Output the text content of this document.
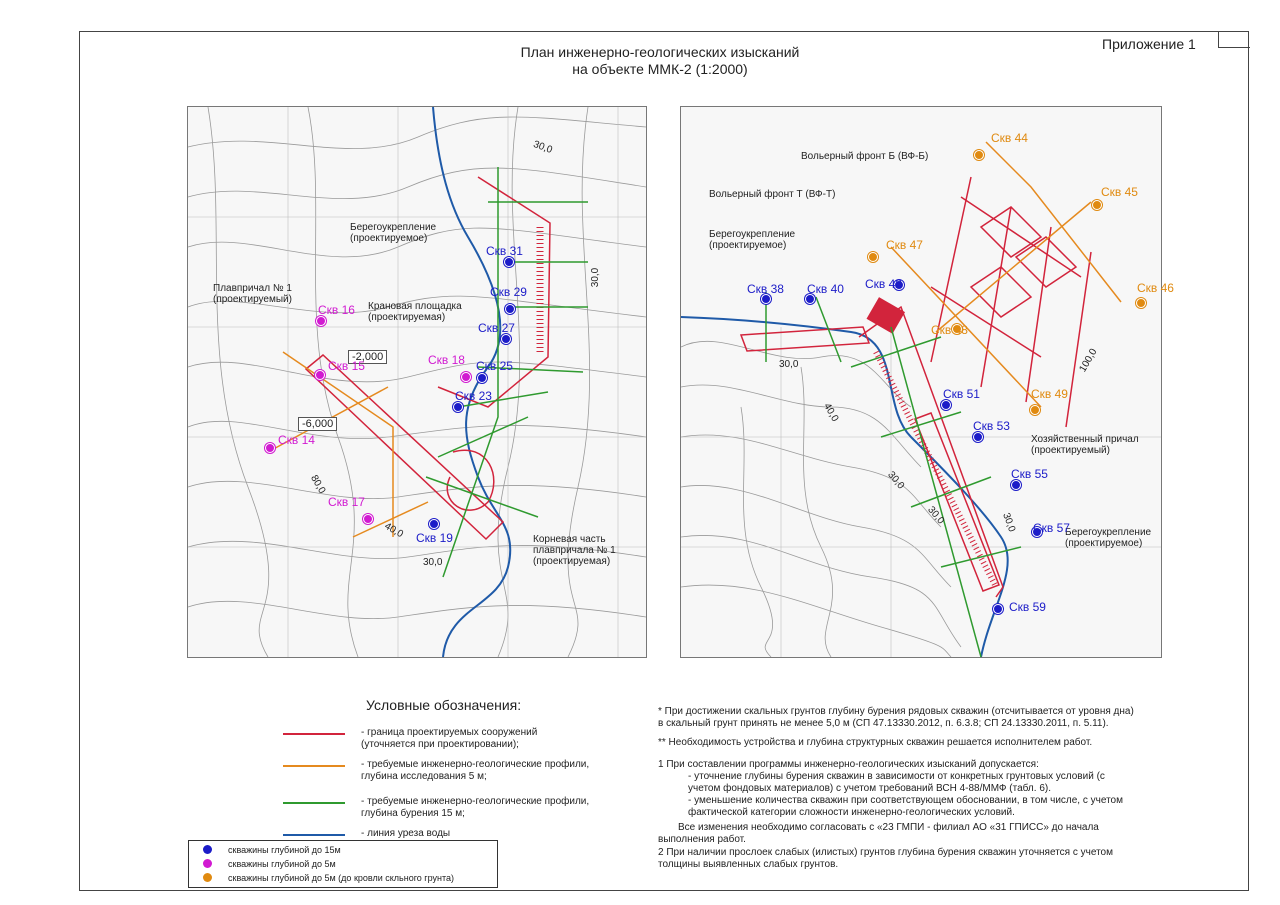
Приложение 1
План инженерно-геологических изысканий
на объекте ММК-2 (1:2000)
Берегоукрепление
(проектируемое)
Плавпричал № 1
(проектируемый)
Крановая площадка
(проектируемая)
Корневая часть
плавпричала № 1
(проектируемая)
-2,000
-6,000
30,0
30,0
30,0
40,0
80,0
Скв 31
Скв 29
Скв 27
Скв 25
Скв 23
Скв 19
Скв 16
Скв 15	Скв 18
Скв 14
Скв 17
Вольерный фронт Б (ВФ-Б)
Вольерный фронт Т (ВФ-Т)
Берегоукрепление
(проектируемое)
Хозяйственный причал
(проектируемый)
Берегоукрепление
(проектируемое)
30,0
40,0
30,0
30,0	30,0
100,0
Скв 44
Скв 45
Скв 47
Скв 46
Скв 48
Скв 49
Скв 38 Скв 40 Скв 42
Скв 51
Скв 53
Скв 55
Скв 57
Скв 59
Условные обозначения:
- граница проектируемых сооружений
(уточняется при проектировании);
- требуемые инженерно-геологические профили,
глубина исследования 5 м;
- требуемые инженерно-геологические профили,
глубина бурения 15 м;
- линия уреза воды
скважины глубиной до 15м
скважины глубиной до 5м
скважины глубиной до 5м (до кровли скльного грунта)
* При достижении скальных грунтов глубину бурения рядовых скважин (отсчитывается от уровня дна)
в скальный грунт принять не менее 5,0 м (СП 47.13330.2012, п. 6.3.8; СП 24.13330.2011, п. 5.11).
** Необходимость устройства и глубина структурных скважин решается исполнителем работ.
1 При составлении программы инженерно-геологических изысканий допускается:
- уточнение глубины бурения скважин в зависимости от конкретных грунтовых условий (с
учетом фондовых материалов) с учетом требований ВСН 4-88/ММФ (табл. 6).
- уменьшение количества скважин при соответствующем обосновании, в том числе, с учетом
фактической категории сложности инженерно-геологических условий.
Все изменения необходимо согласовать с «23 ГМПИ - филиал АО «31 ГПИСС» до начала
выполнения работ.
2 При наличии прослоек слабых (илистых) грунтов глубина бурения скважин уточняется с учетом
толщины выявленных слабых грунтов.
